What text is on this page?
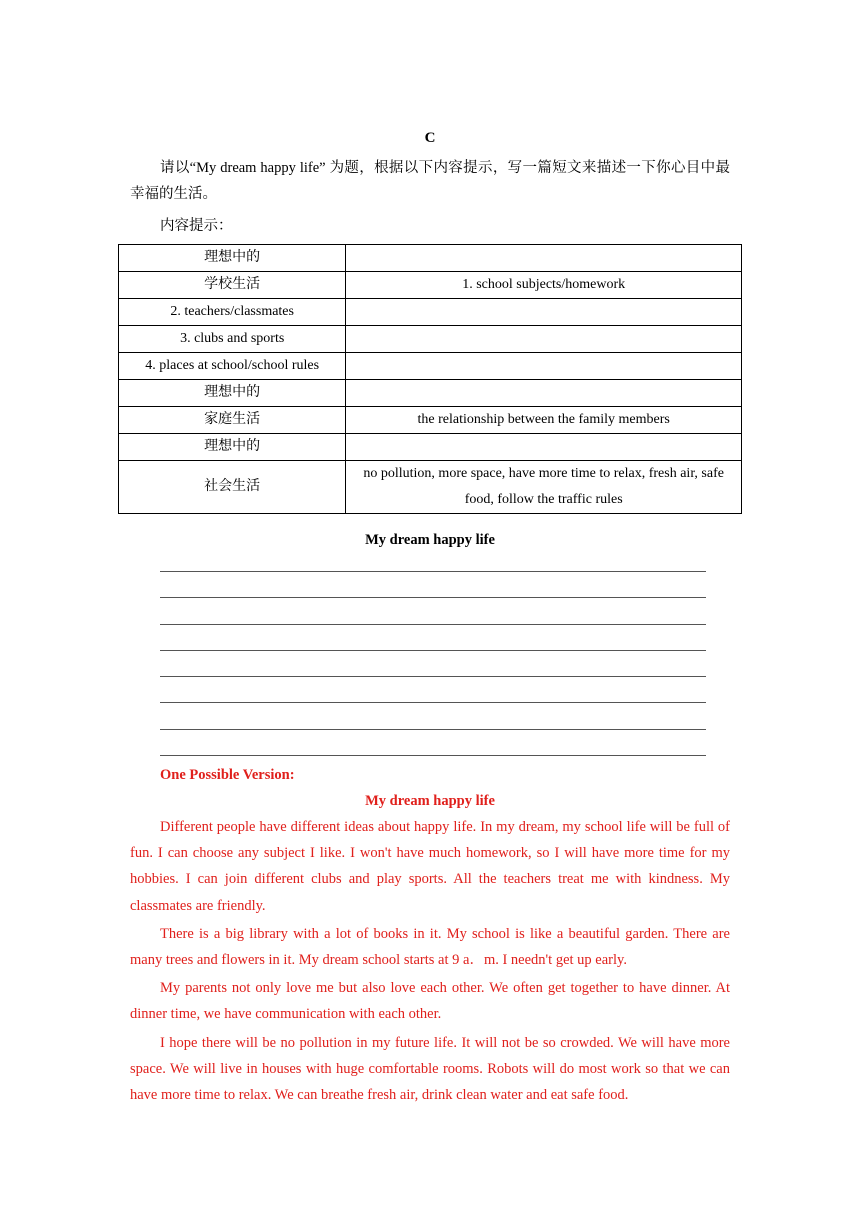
C
请以“My dream happy life” 为题，根据以下内容提示，写一篇短文来描述一下你心目中最幸福的生活。
内容提示：
理想中的	
学校生活	1. school subjects/homework
2. teachers/classmates	
3. clubs and sports	
4. places at school/school rules	
理想中的	
家庭生活	the relationship between the family members
理想中的	
社会生活	no pollution, more space, have more time to relax, fresh air, safe food, follow the traffic rules
My dream happy life
One Possible Version:
My dream happy life

Different people have different ideas about happy life. In my dream, my school life will be full of fun. I can choose any subject I like. I won't have much homework, so I will have more time for my hobbies. I can join different clubs and play sports. All the teachers treat me with kindness. My classmates are friendly.

There is a big library with a lot of books in it. My school is like a beautiful garden. There are many trees and flowers in it. My dream school starts at 9 a．m. I needn't get up early.

My parents not only love me but also love each other. We often get together to have dinner. At dinner time, we have communication with each other.

I hope there will be no pollution in my future life. It will not be so crowded. We will have more space. We will live in houses with huge comfortable rooms. Robots will do most work so that we can have more time to relax. We can breathe fresh air, drink clean water and eat safe food.
